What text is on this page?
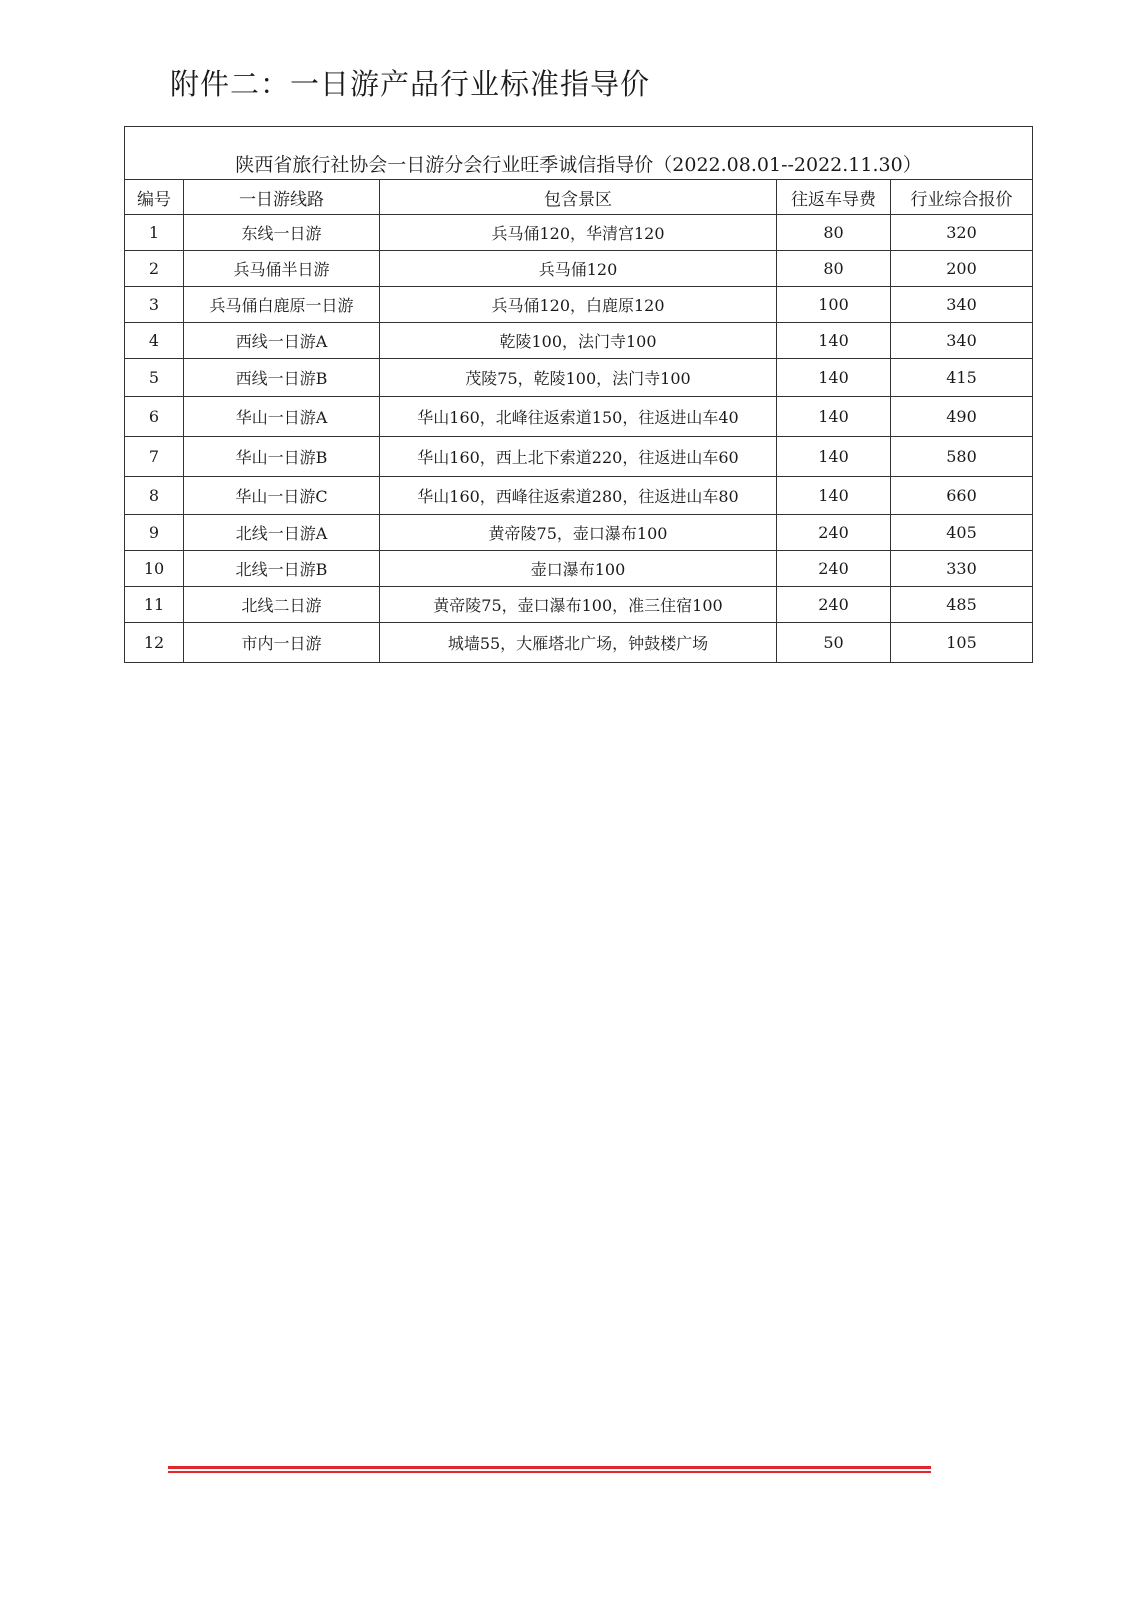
附件二：一日游产品行业标准指导价
陕西省旅行社协会一日游分会行业旺季诚信指导价（2022.08.01--2022.11.30）				
编号	一日游线路	包含景区	往返车导费	行业综合报价
1	东线一日游	兵马俑120，华清宫120	80	320
2	兵马俑半日游	兵马俑120	80	200
3	兵马俑白鹿原一日游	兵马俑120，白鹿原120	100	340
4	西线一日游A	乾陵100，法门寺100	140	340
5	西线一日游B	茂陵75，乾陵100，法门寺100	140	415
6	华山一日游A	华山160，北峰往返索道150，往返进山车40	140	490
7	华山一日游B	华山160，西上北下索道220，往返进山车60	140	580
8	华山一日游C	华山160，西峰往返索道280，往返进山车80	140	660
9	北线一日游A	黄帝陵75，壶口瀑布100	240	405
10	北线一日游B	壶口瀑布100	240	330
11	北线二日游	黄帝陵75，壶口瀑布100，准三住宿100	240	485
12	市内一日游	城墙55，大雁塔北广场，钟鼓楼广场	50	105
